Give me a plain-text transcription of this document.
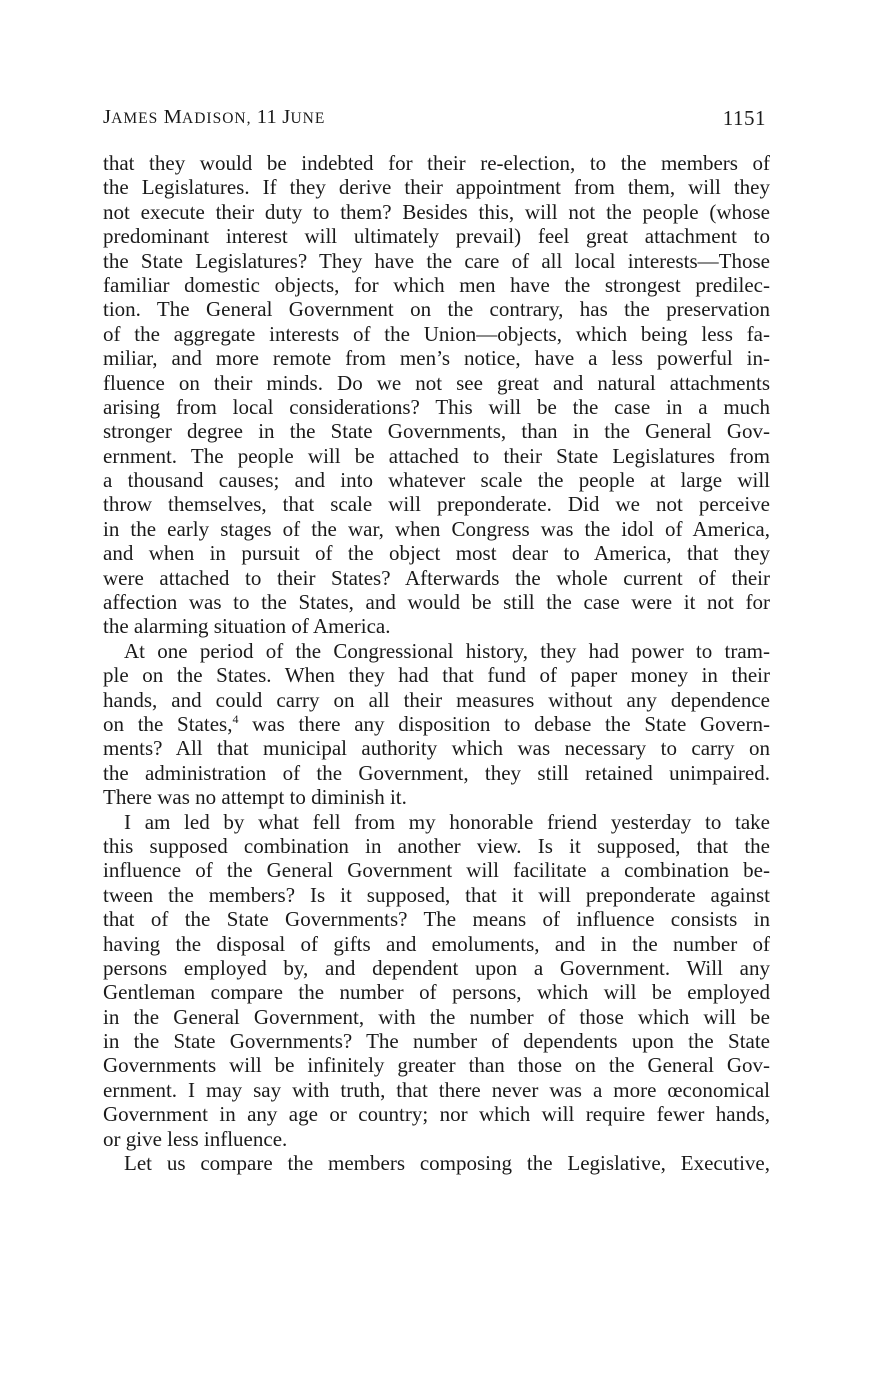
JAMES MADISON, 11 JUNE	1151
that they would be indebted for their re-election, to the members of
the Legislatures. If they derive their appointment from them, will they
not execute their duty to them? Besides this, will not the people (whose
predominant interest will ultimately prevail) feel great attachment to
the State Legislatures? They have the care of all local interests—Those
familiar domestic objects, for which men have the strongest predilec-
tion. The General Government on the contrary, has the preservation
of the aggregate interests of the Union—objects, which being less fa-
miliar, and more remote from men’s notice, have a less powerful in-
fluence on their minds. Do we not see great and natural attachments
arising from local considerations? This will be the case in a much
stronger degree in the State Governments, than in the General Gov-
ernment. The people will be attached to their State Legislatures from
a thousand causes; and into whatever scale the people at large will
throw themselves, that scale will preponderate. Did we not perceive
in the early stages of the war, when Congress was the idol of America,
and when in pursuit of the object most dear to America, that they
were attached to their States? Afterwards the whole current of their
affection was to the States, and would be still the case were it not for
the alarming situation of America.
At one period of the Congressional history, they had power to tram-
ple on the States. When they had that fund of paper money in their
hands, and could carry on all their measures without any dependence
on the States,$^4$ was there any disposition to debase the State Govern-
ments? All that municipal authority which was necessary to carry on
the administration of the Government, they still retained unimpaired.
There was no attempt to diminish it.
I am led by what fell from my honorable friend yesterday to take
this supposed combination in another view. Is it supposed, that the
influence of the General Government will facilitate a combination be-
tween the members? Is it supposed, that it will preponderate against
that of the State Governments? The means of influence consists in
having the disposal of gifts and emoluments, and in the number of
persons employed by, and dependent upon a Government. Will any
Gentleman compare the number of persons, which will be employed
in the General Government, with the number of those which will be
in the State Governments? The number of dependents upon the State
Governments will be infinitely greater than those on the General Gov-
ernment. I may say with truth, that there never was a more œconomical
Government in any age or country; nor which will require fewer hands,
or give less influence.
Let us compare the members composing the Legislative, Executive,
